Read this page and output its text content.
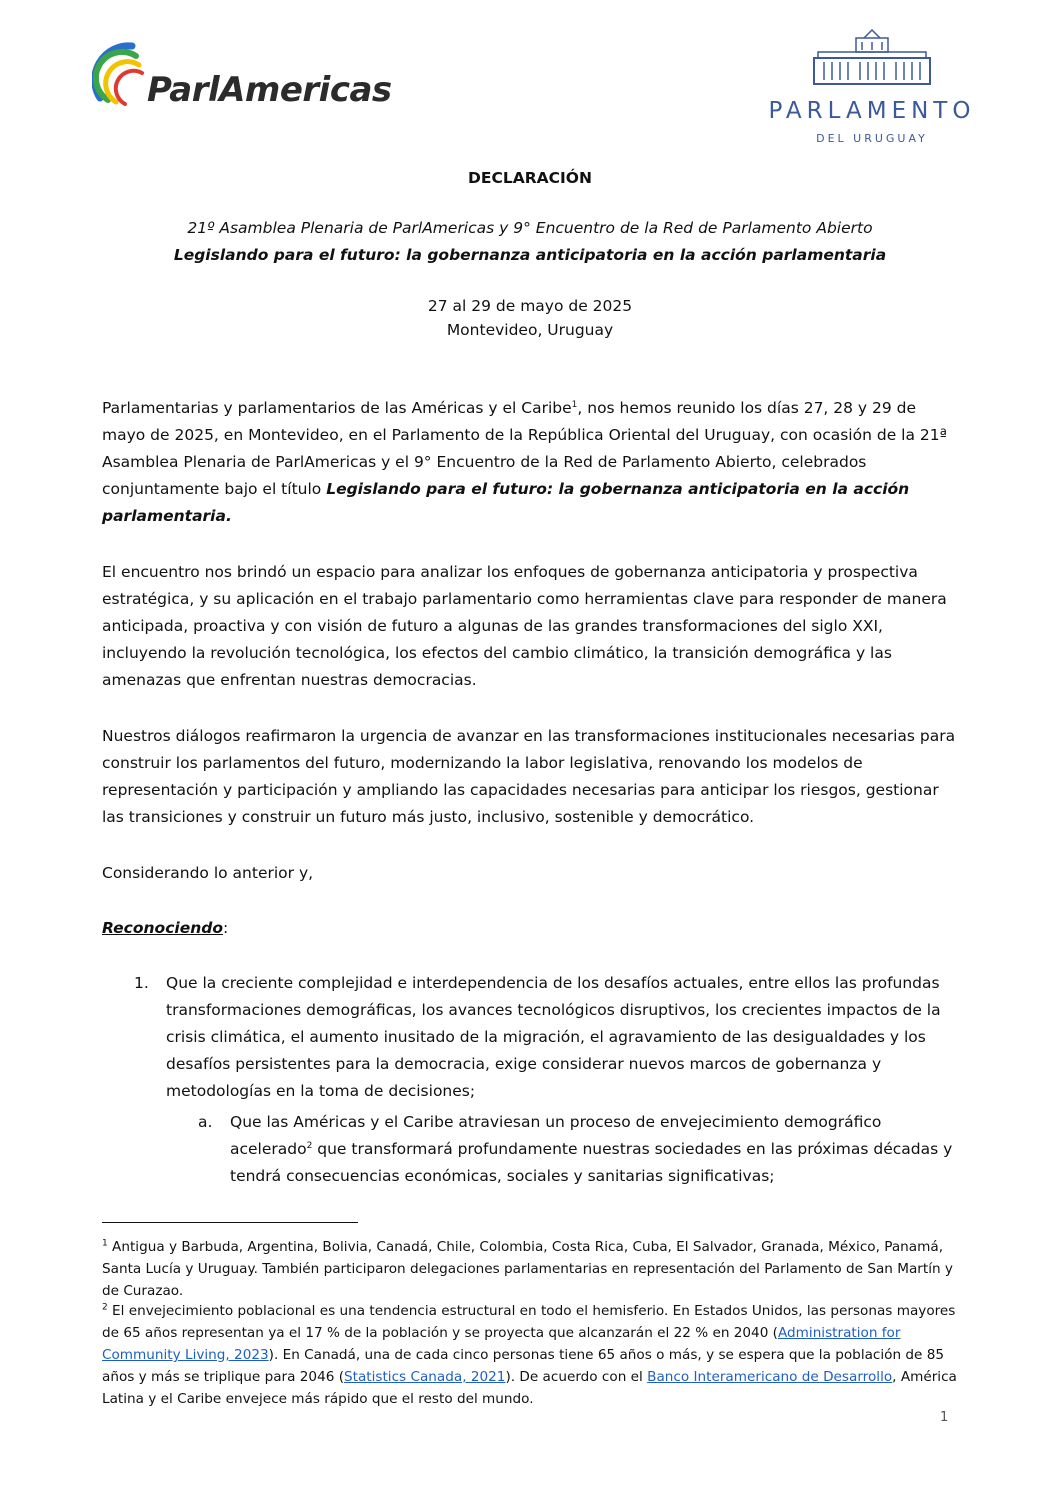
ParlAmericas
PARLAMENTO
DEL URUGUAY
DECLARACIÓN
21º Asamblea Plenaria de ParlAmericas y 9° Encuentro de la Red de Parlamento Abierto
Legislando para el futuro: la gobernanza anticipatoria en la acción parlamentaria
27 al 29 de mayo de 2025
Montevideo, Uruguay

Parlamentarias y parlamentarios de las Américas y el Caribe$^1$, nos hemos reunido los días 27, 28 y 29 de mayo de 2025, en Montevideo, en el Parlamento de la República Oriental del Uruguay, con ocasión de la 21ª Asamblea Plenaria de ParlAmericas y el 9° Encuentro de la Red de Parlamento Abierto, celebrados conjuntamente bajo el título Legislando para el futuro: la gobernanza anticipatoria en la acción parlamentaria.

El encuentro nos brindó un espacio para analizar los enfoques de gobernanza anticipatoria y prospectiva estratégica, y su aplicación en el trabajo parlamentario como herramientas clave para responder de manera anticipada, proactiva y con visión de futuro a algunas de las grandes transformaciones del siglo XXI, incluyendo la revolución tecnológica, los efectos del cambio climático, la transición demográfica y las amenazas que enfrentan nuestras democracias.

Nuestros diálogos reafirmaron la urgencia de avanzar en las transformaciones institucionales necesarias para construir los parlamentos del futuro, modernizando la labor legislativa, renovando los modelos de representación y participación y ampliando las capacidades necesarias para anticipar los riesgos, gestionar las transiciones y construir un futuro más justo, inclusivo, sostenible y democrático.

Considerando lo anterior y,

Reconociendo:

1. Que la creciente complejidad e interdependencia de los desafíos actuales, entre ellos las profundas transformaciones demográficas, los avances tecnológicos disruptivos, los crecientes impactos de la crisis climática, el aumento inusitado de la migración, el agravamiento de las desigualdades y los desafíos persistentes para la democracia, exige considerar nuevos marcos de gobernanza y metodologías en la toma de decisiones;
a. Que las Américas y el Caribe atraviesan un proceso de envejecimiento demográfico acelerado$^2$ que transformará profundamente nuestras sociedades en las próximas décadas y tendrá consecuencias económicas, sociales y sanitarias significativas;

$^1$ Antigua y Barbuda, Argentina, Bolivia, Canadá, Chile, Colombia, Costa Rica, Cuba, El Salvador, Granada, México, Panamá, Santa Lucía y Uruguay. También participaron delegaciones parlamentarias en representación del Parlamento de San Martín y de Curazao.

$^2$ El envejecimiento poblacional es una tendencia estructural en todo el hemisferio. En Estados Unidos, las personas mayores de 65 años representan ya el 17 % de la población y se proyecta que alcanzarán el 22 % en 2040 (Administration for Community Living, 2023). En Canadá, una de cada cinco personas tiene 65 años o más, y se espera que la población de 85 años y más se triplique para 2046 (Statistics Canada, 2021). De acuerdo con el Banco Interamericano de Desarrollo, América Latina y el Caribe envejece más rápido que el resto del mundo.

1
